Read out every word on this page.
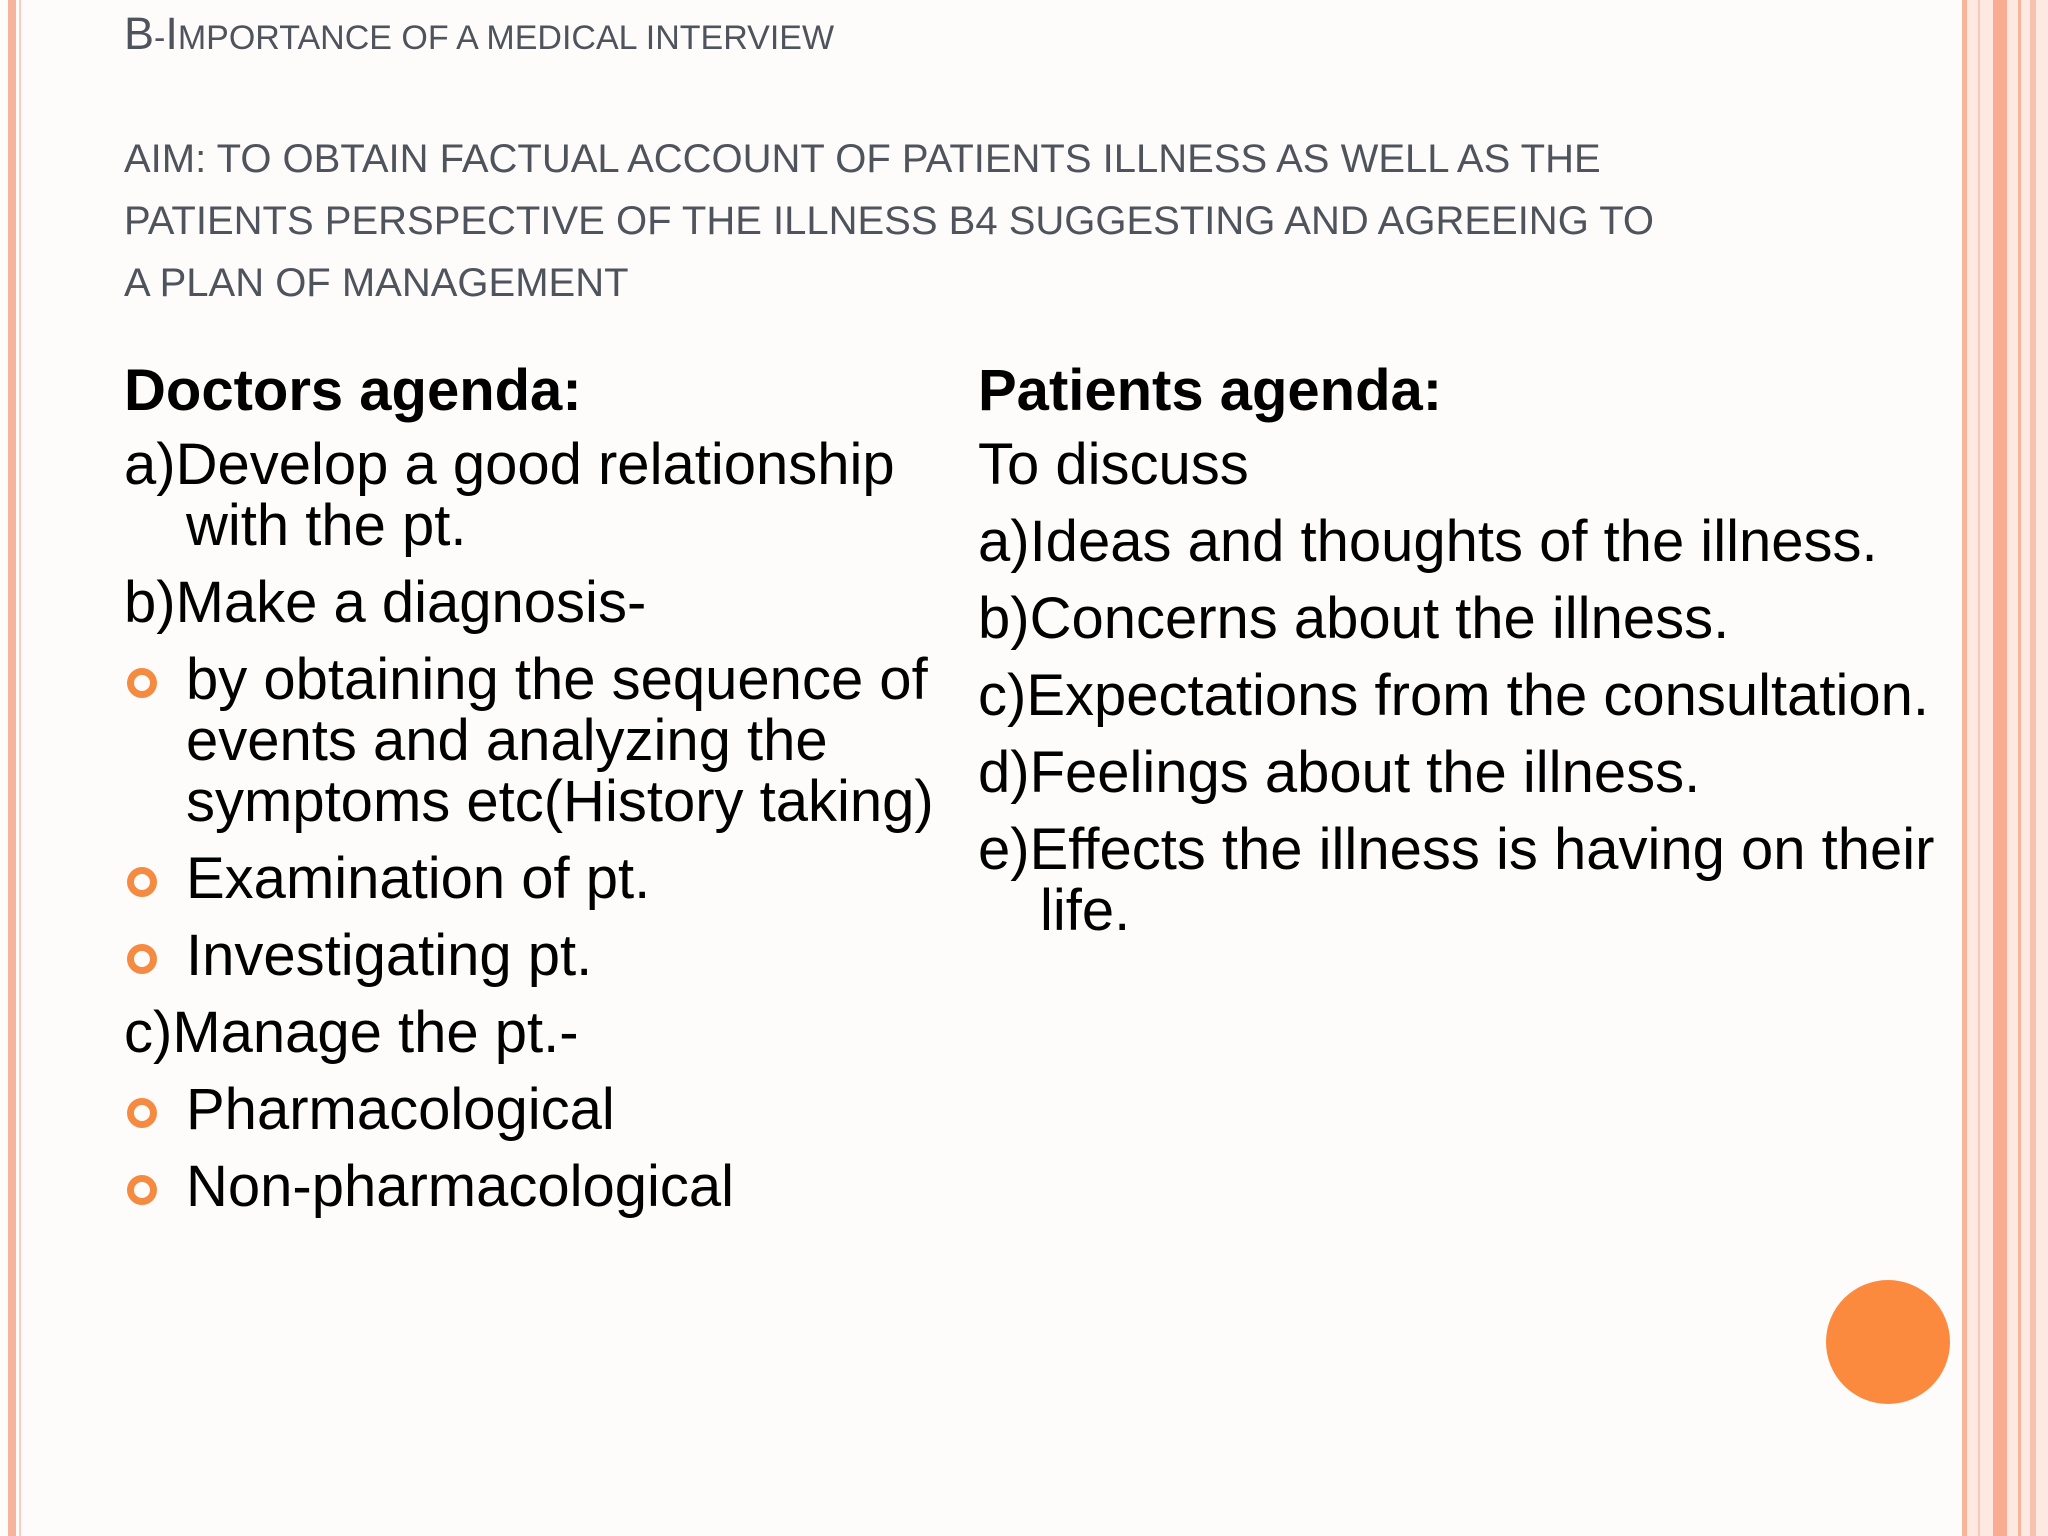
B-IMPORTANCE OF A MEDICAL INTERVIEW
AIM: TO OBTAIN FACTUAL ACCOUNT OF PATIENTS ILLNESS AS WELL AS THE
PATIENTS PERSPECTIVE OF THE ILLNESS B4 SUGGESTING AND AGREEING TO
A PLAN OF MANAGEMENT
Doctors agenda:
a)Develop a good relationship with the pt.
b)Make a diagnosis-
by obtaining the sequence of events and analyzing the symptoms etc(History taking)
Examination of pt.
Investigating pt.
c)Manage the pt.-
Pharmacological
Non-pharmacological
Patients agenda:
To discuss
a)Ideas and thoughts of the illness.
b)Concerns about the illness.
c)Expectations from the consultation.
d)Feelings about the illness.
e)Effects the illness is having on their life.
